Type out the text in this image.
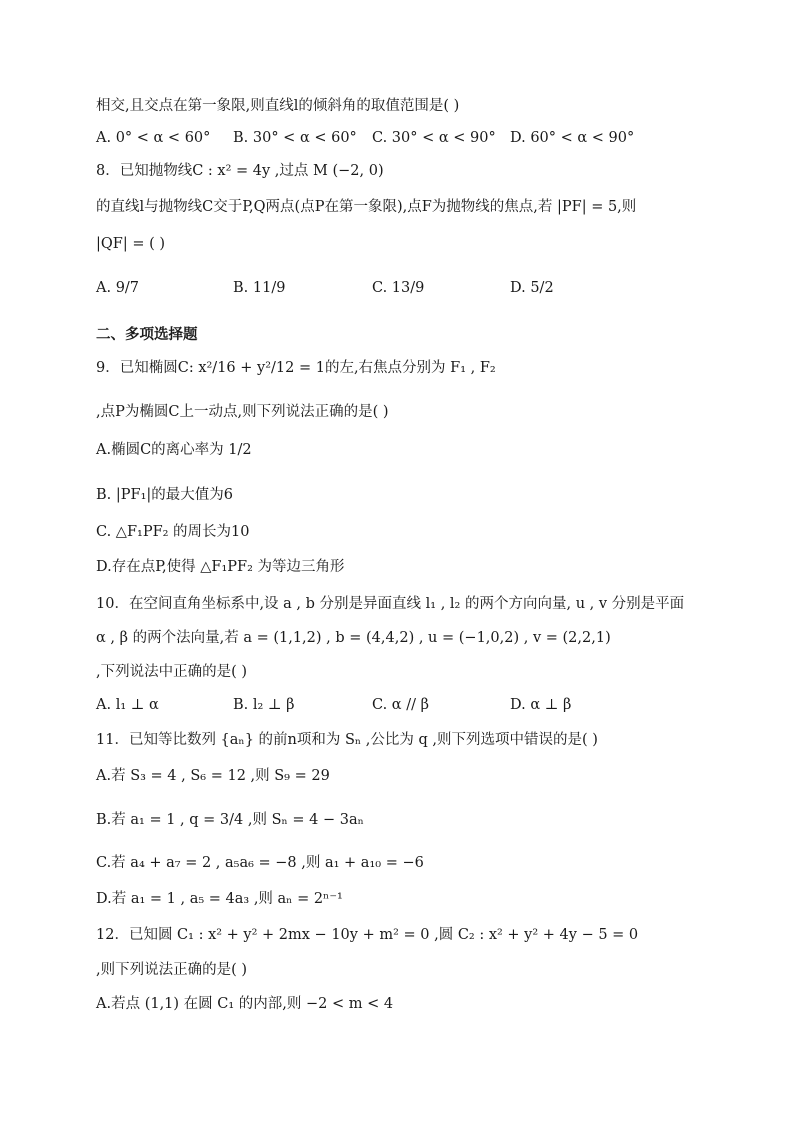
相交,且交点在第一象限,则直线l的倾斜角的取值范围是( )
A. 0° < α < 60° B. 30° < α < 60° C. 30° < α < 90° D. 60° < α < 90°
8．已知抛物线C : x² = 4y ,过点 M (−2, 0)
的直线l与抛物线C交于P,Q两点(点P在第一象限),点F为抛物线的焦点,若 |PF| = 5,则
|QF| = ( )
A. 9/7	B. 11/9	C. 13/9	D. 5/2
二、多项选择题
9．已知椭圆C: x²/16 + y²/12 = 1的左,右焦点分别为 F₁ , F₂
,点P为椭圆C上一动点,则下列说法正确的是( )
A.椭圆C的离心率为 1/2
B. |PF₁|的最大值为6
C. △F₁PF₂ 的周长为10
D.存在点P,使得 △F₁PF₂ 为等边三角形
10．在空间直角坐标系中,设 a , b 分别是异面直线 l₁ , l₂ 的两个方向向量, u , v 分别是平面
α , β 的两个法向量,若 a = (1,1,2) , b = (4,4,2) , u = (−1,0,2) , v = (2,2,1)
,下列说法中正确的是( )
A. l₁ ⊥ α	B. l₂ ⊥ β	C. α // β	D. α ⊥ β
11．已知等比数列 {aₙ} 的前n项和为 Sₙ ,公比为 q ,则下列选项中错误的是( )
A.若 S₃ = 4 , S₆ = 12 ,则 S₉ = 29
B.若 a₁ = 1 , q = 3/4 ,则 Sₙ = 4 − 3aₙ
C.若 a₄ + a₇ = 2 , a₅a₆ = −8 ,则 a₁ + a₁₀ = −6
D.若 a₁ = 1 , a₅ = 4a₃ ,则 aₙ = 2ⁿ⁻¹
12．已知圆 C₁ : x² + y² + 2mx − 10y + m² = 0 ,圆 C₂ : x² + y² + 4y − 5 = 0
,则下列说法正确的是( )
A.若点 (1,1) 在圆 C₁ 的内部,则 −2 < m < 4
